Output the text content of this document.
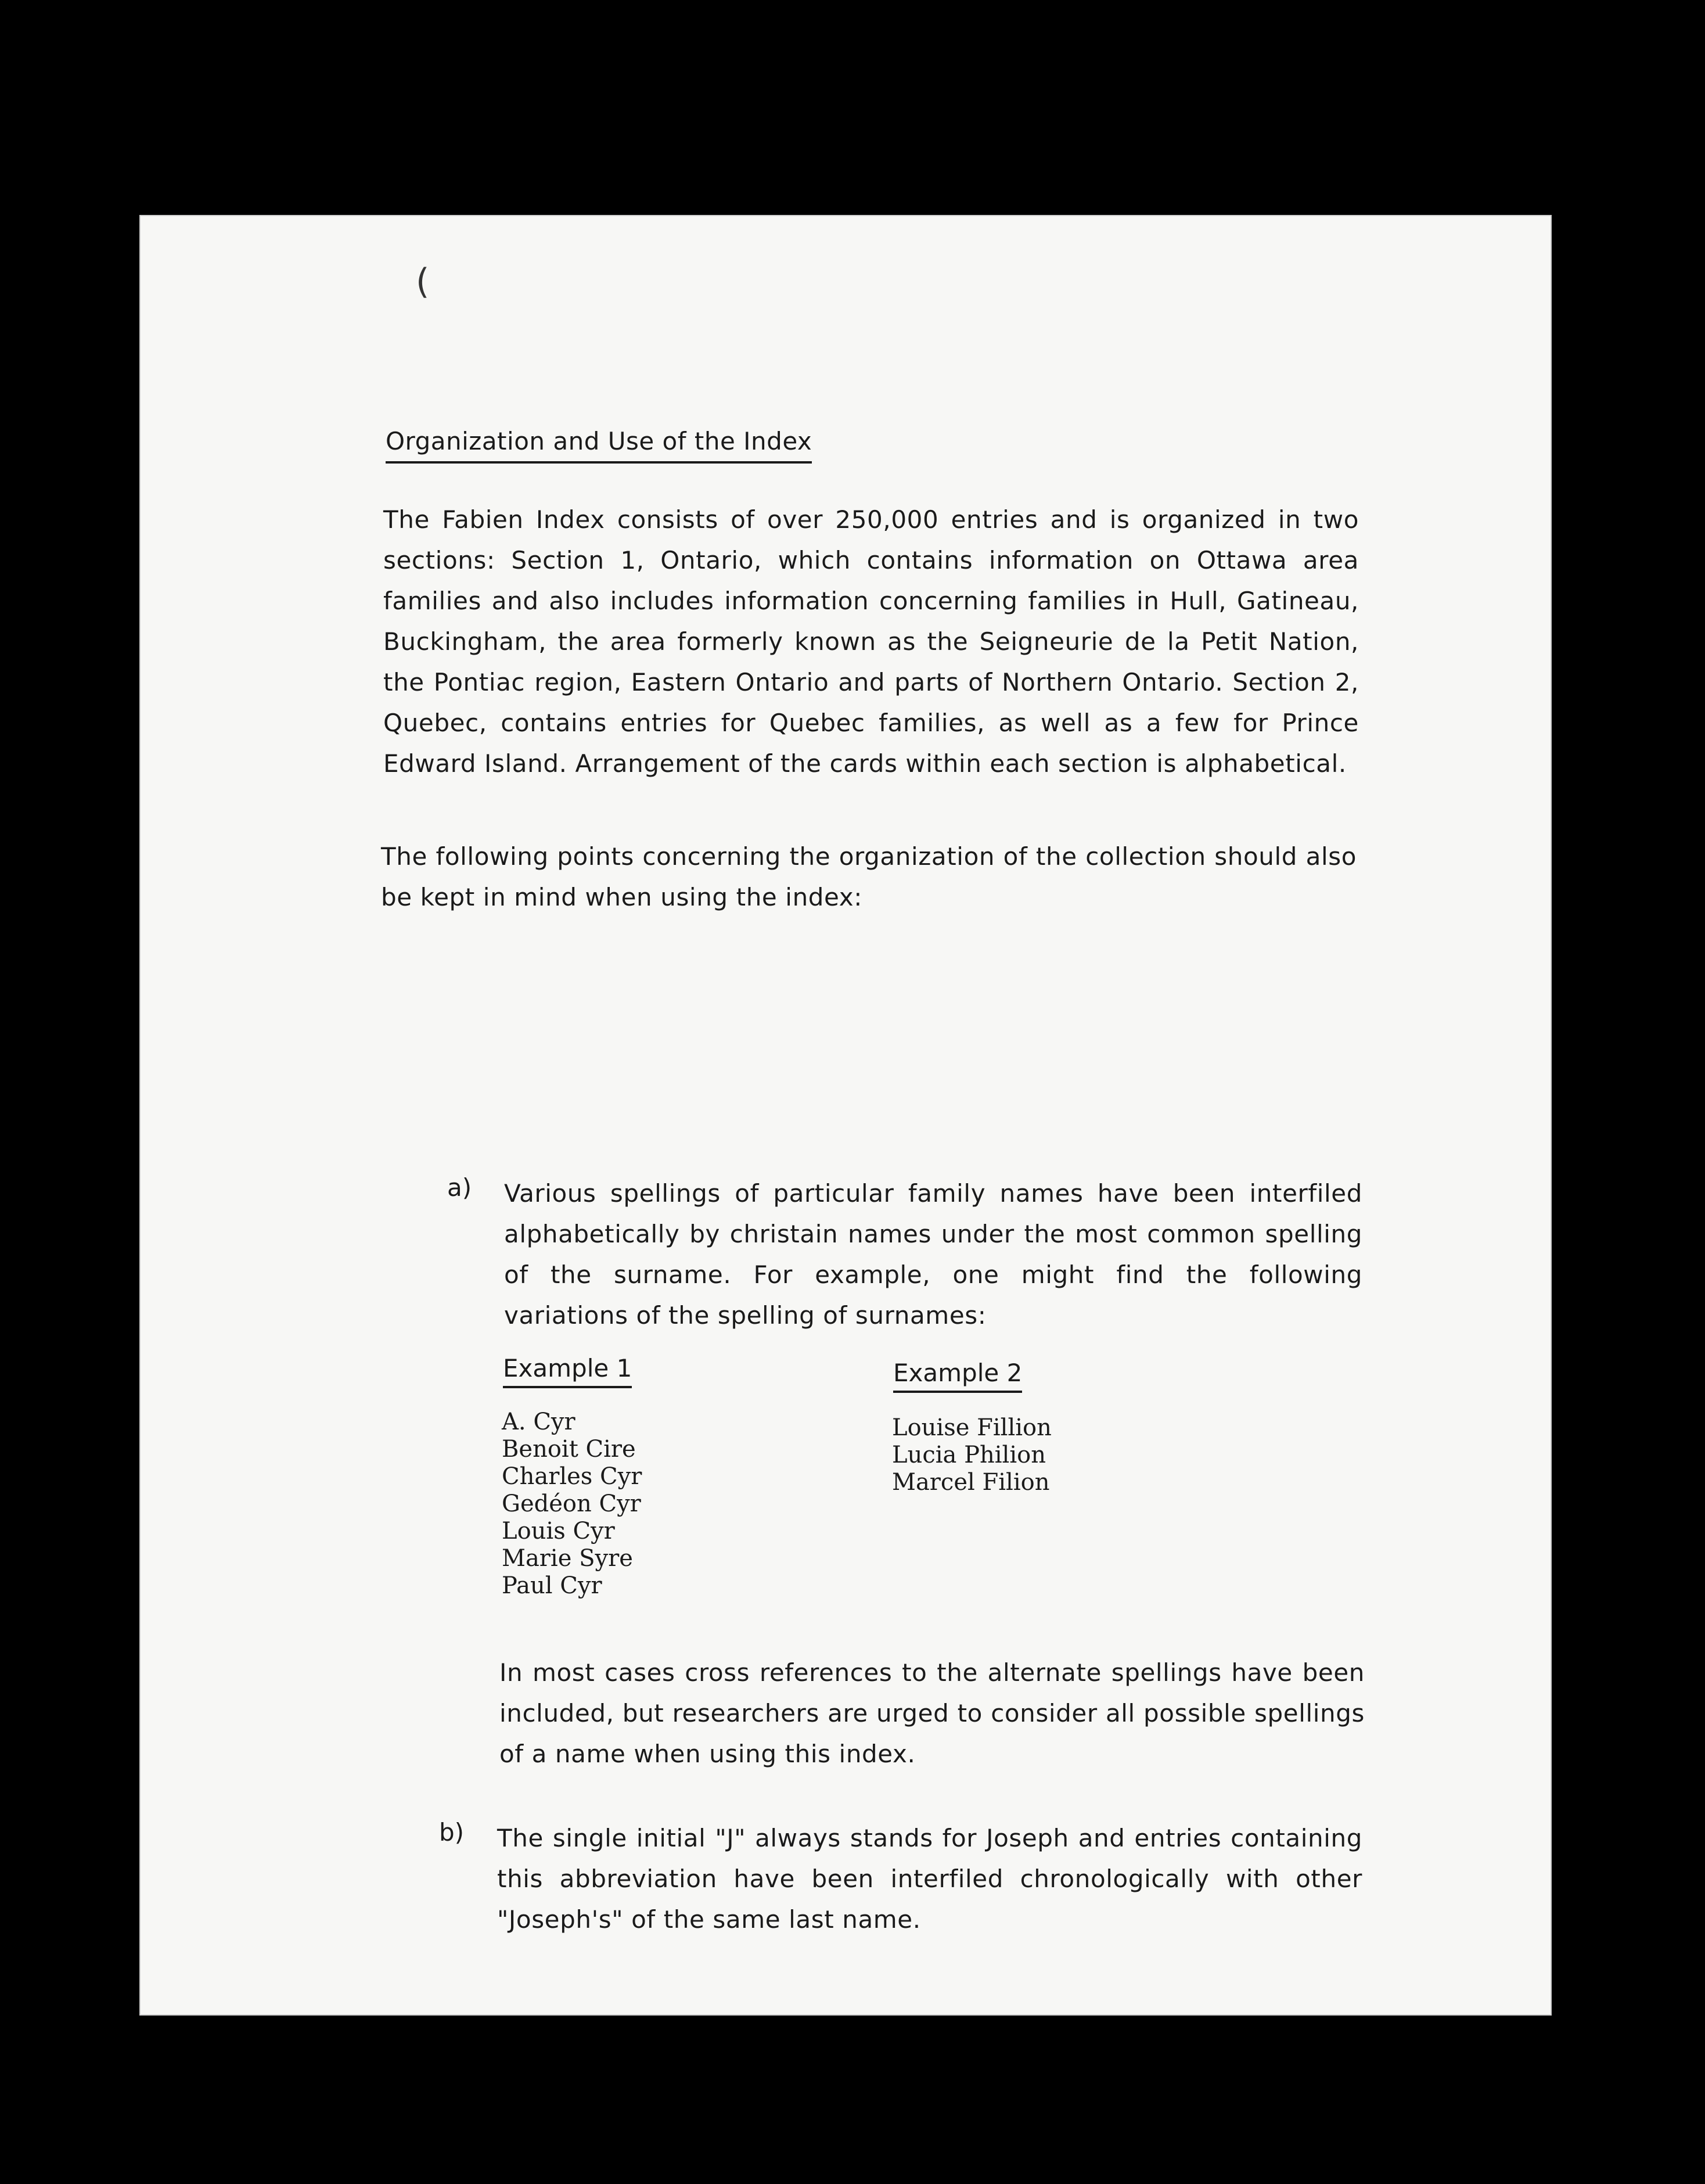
(
Organization and Use of the Index

The Fabien Index consists of over 250,000 entries and is organized in two sections: Section 1, Ontario, which contains information on Ottawa area families and also includes information concerning families in Hull, Gatineau, Buckingham, the area formerly known as the Seigneurie de la Petit Nation, the Pontiac region, Eastern Ontario and parts of Northern Ontario. Section 2, Quebec, contains entries for Quebec families, as well as a few for Prince Edward Island. Arrangement of the cards within each section is alphabetical.

The following points concerning the organization of the collection should also be kept in mind when using the index:

a) Various spellings of particular family names have been interfiled alphabetically by christain names under the most common spelling of the surname. For example, one might find the following variations of the spelling of surnames:

Example 1
A. Cyr
Benoit Cire
Charles Cyr
Gedéon Cyr
Louis Cyr
Marie Syre
Paul Cyr
Example 2
Louise Fillion
Lucia Philion
Marcel Filion

In most cases cross references to the alternate spellings have been included, but researchers are urged to consider all possible spellings of a name when using this index.

b) The single initial "J" always stands for Joseph and entries containing this abbreviation have been interfiled chronologically with other "Joseph's" of the same last name.
